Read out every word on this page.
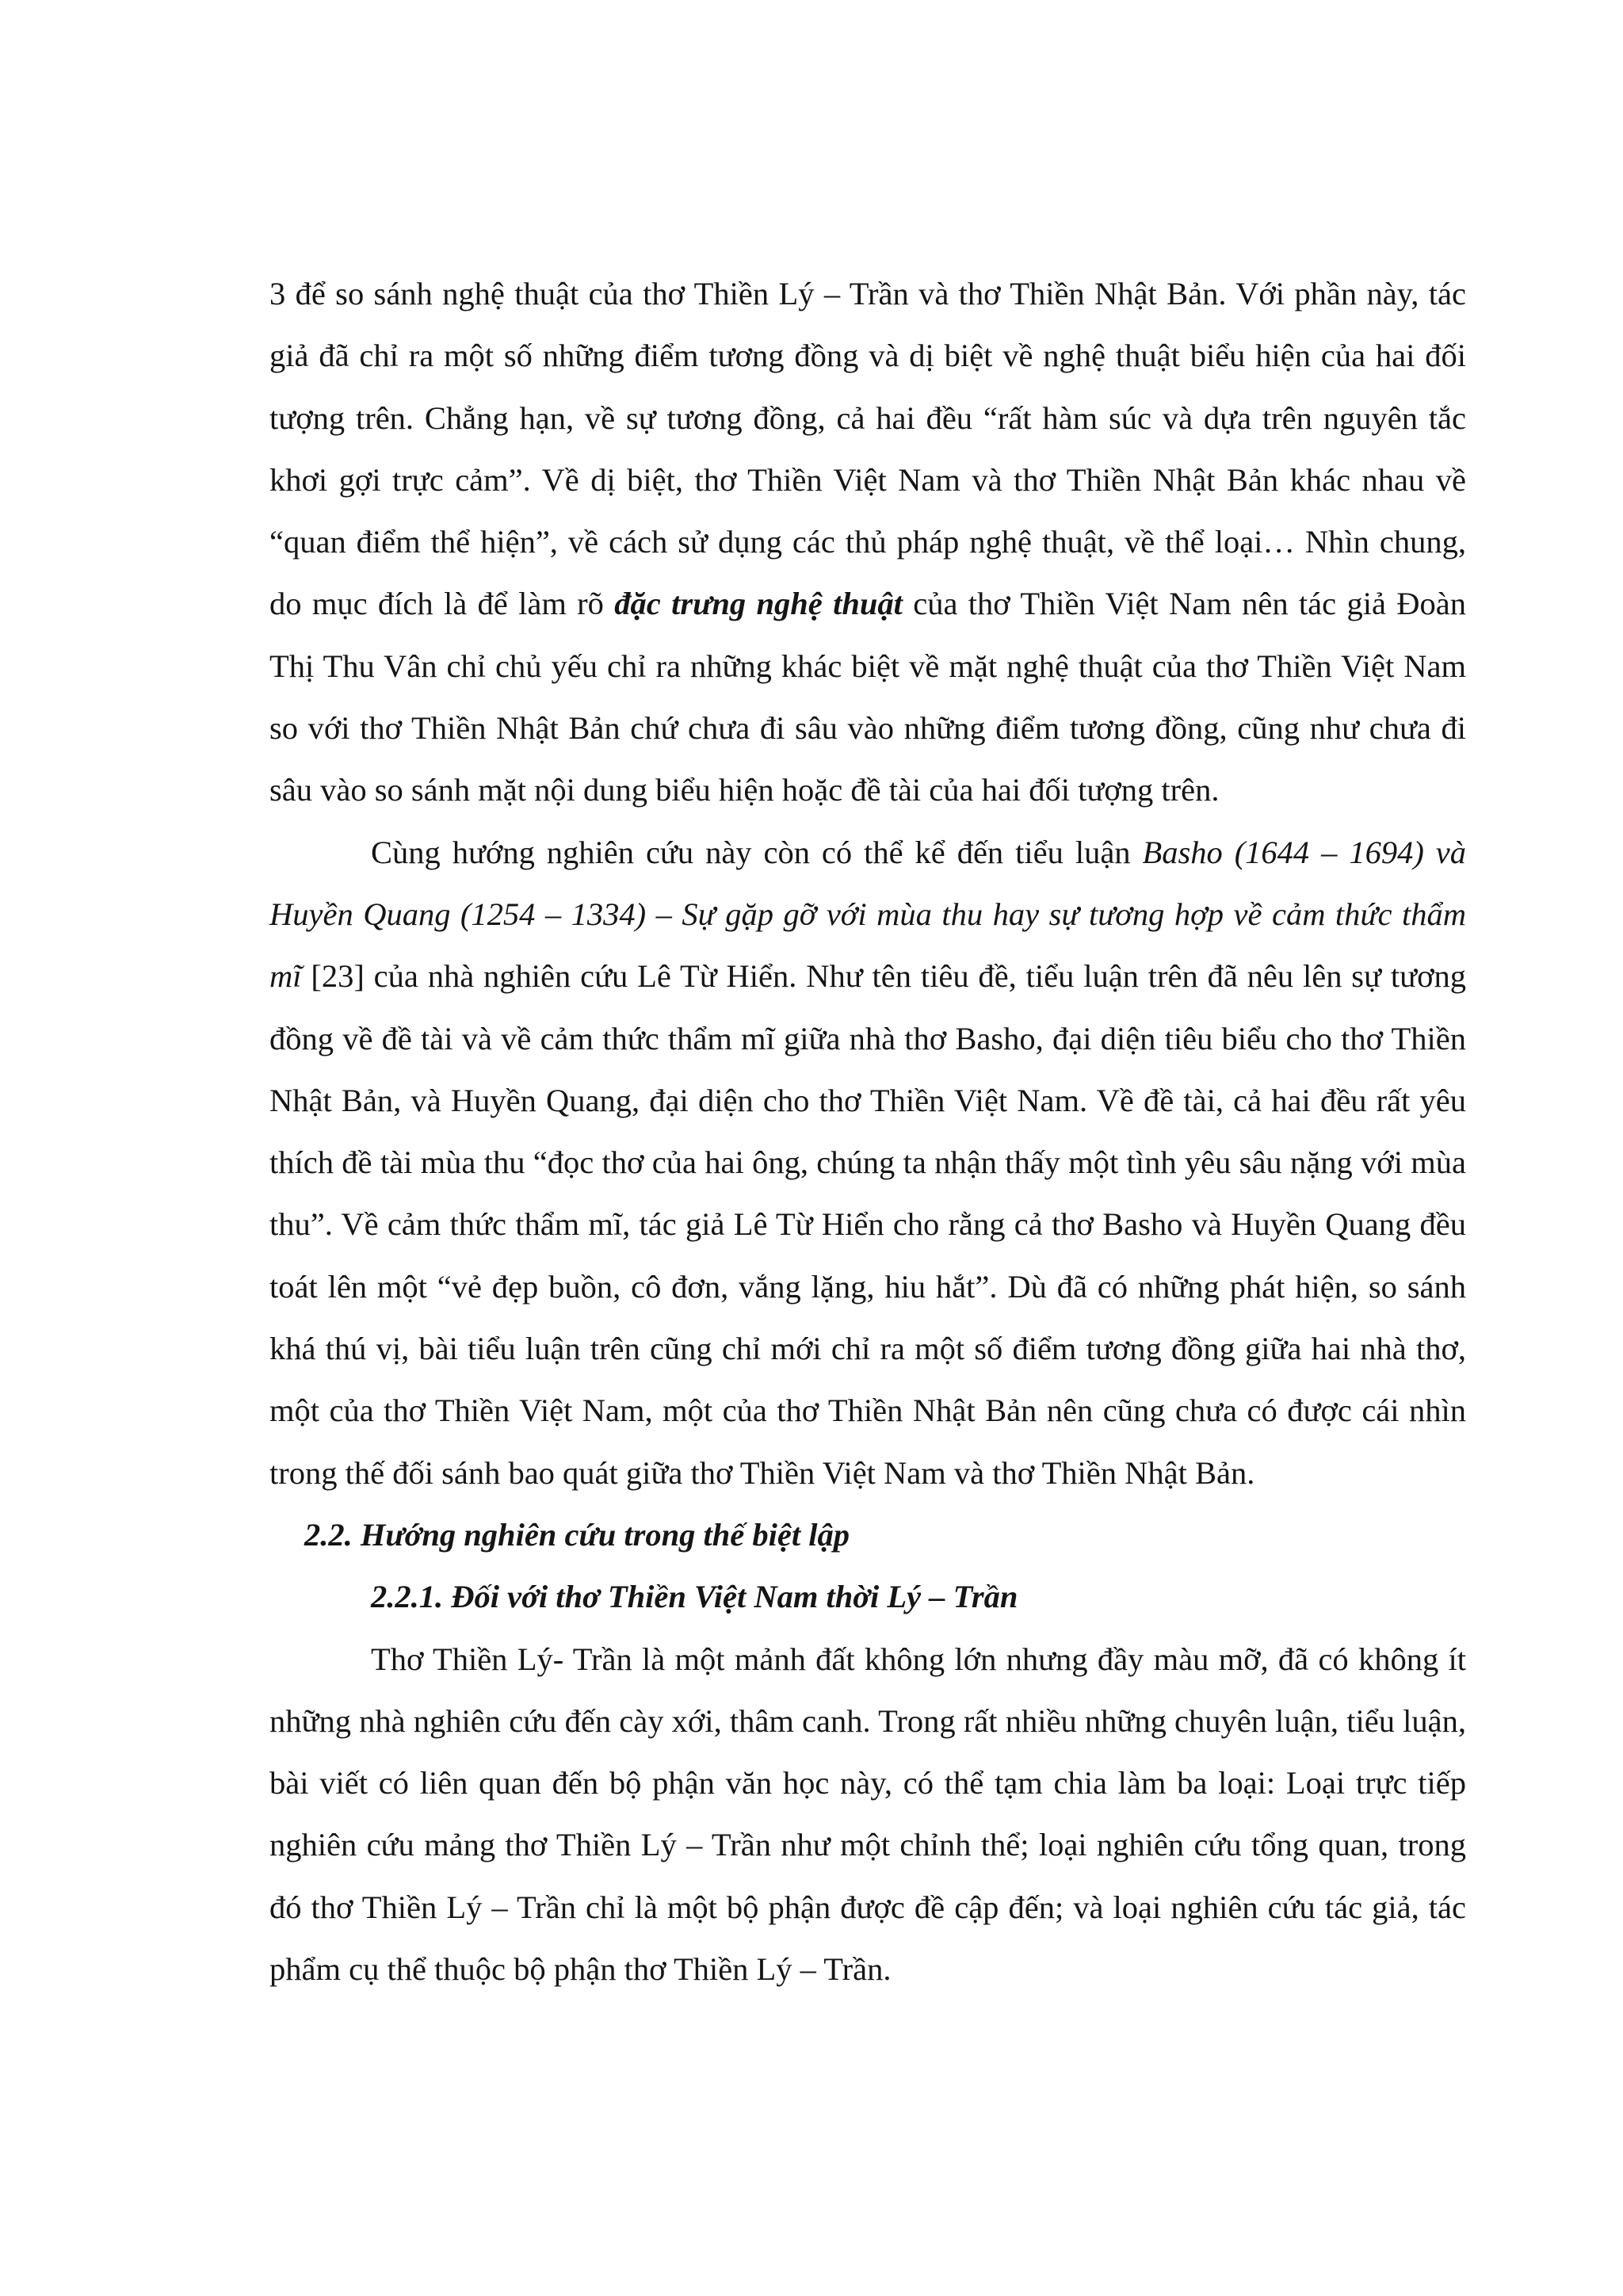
3 để so sánh nghệ thuật của thơ Thiền Lý – Trần và thơ Thiền Nhật Bản. Với phần này, tác giả đã chỉ ra một số những điểm tương đồng và dị biệt về nghệ thuật biểu hiện của hai đối tượng trên. Chẳng hạn, về sự tương đồng, cả hai đều “rất hàm súc và dựa trên nguyên tắc khơi gợi trực cảm”. Về dị biệt, thơ Thiền Việt Nam và thơ Thiền Nhật Bản khác nhau về “quan điểm thể hiện”, về cách sử dụng các thủ pháp nghệ thuật, về thể loại… Nhìn chung, do mục đích là để làm rõ đặc trưng nghệ thuật của thơ Thiền Việt Nam nên tác giả Đoàn Thị Thu Vân chỉ chủ yếu chỉ ra những khác biệt về mặt nghệ thuật của thơ Thiền Việt Nam so với thơ Thiền Nhật Bản chứ chưa đi sâu vào những điểm tương đồng, cũng như chưa đi sâu vào so sánh mặt nội dung biểu hiện hoặc đề tài của hai đối tượng trên.

Cùng hướng nghiên cứu này còn có thể kể đến tiểu luận Basho (1644 – 1694) và Huyền Quang (1254 – 1334) – Sự gặp gỡ với mùa thu hay sự tương hợp về cảm thức thẩm mĩ [23] của nhà nghiên cứu Lê Từ Hiển. Như tên tiêu đề, tiểu luận trên đã nêu lên sự tương đồng về đề tài và về cảm thức thẩm mĩ giữa nhà thơ Basho, đại diện tiêu biểu cho thơ Thiền Nhật Bản, và Huyền Quang, đại diện cho thơ Thiền Việt Nam. Về đề tài, cả hai đều rất yêu thích đề tài mùa thu “đọc thơ của hai ông, chúng ta nhận thấy một tình yêu sâu nặng với mùa thu”. Về cảm thức thẩm mĩ, tác giả Lê Từ Hiển cho rằng cả thơ Basho và Huyền Quang đều toát lên một “vẻ đẹp buồn, cô đơn, vắng lặng, hiu hắt”. Dù đã có những phát hiện, so sánh khá thú vị, bài tiểu luận trên cũng chỉ mới chỉ ra một số điểm tương đồng giữa hai nhà thơ, một của thơ Thiền Việt Nam, một của thơ Thiền Nhật Bản nên cũng chưa có được cái nhìn trong thế đối sánh bao quát giữa thơ Thiền Việt Nam và thơ Thiền Nhật Bản.

2.2. Hướng nghiên cứu trong thế biệt lập

2.2.1. Đối với thơ Thiền Việt Nam thời Lý – Trần

Thơ Thiền Lý- Trần là một mảnh đất không lớn nhưng đầy màu mỡ, đã có không ít những nhà nghiên cứu đến cày xới, thâm canh. Trong rất nhiều những chuyên luận, tiểu luận, bài viết có liên quan đến bộ phận văn học này, có thể tạm chia làm ba loại: Loại trực tiếp nghiên cứu mảng thơ Thiền Lý – Trần như một chỉnh thể; loại nghiên cứu tổng quan, trong đó thơ Thiền Lý – Trần chỉ là một bộ phận được đề cập đến; và loại nghiên cứu tác giả, tác phẩm cụ thể thuộc bộ phận thơ Thiền Lý – Trần.
